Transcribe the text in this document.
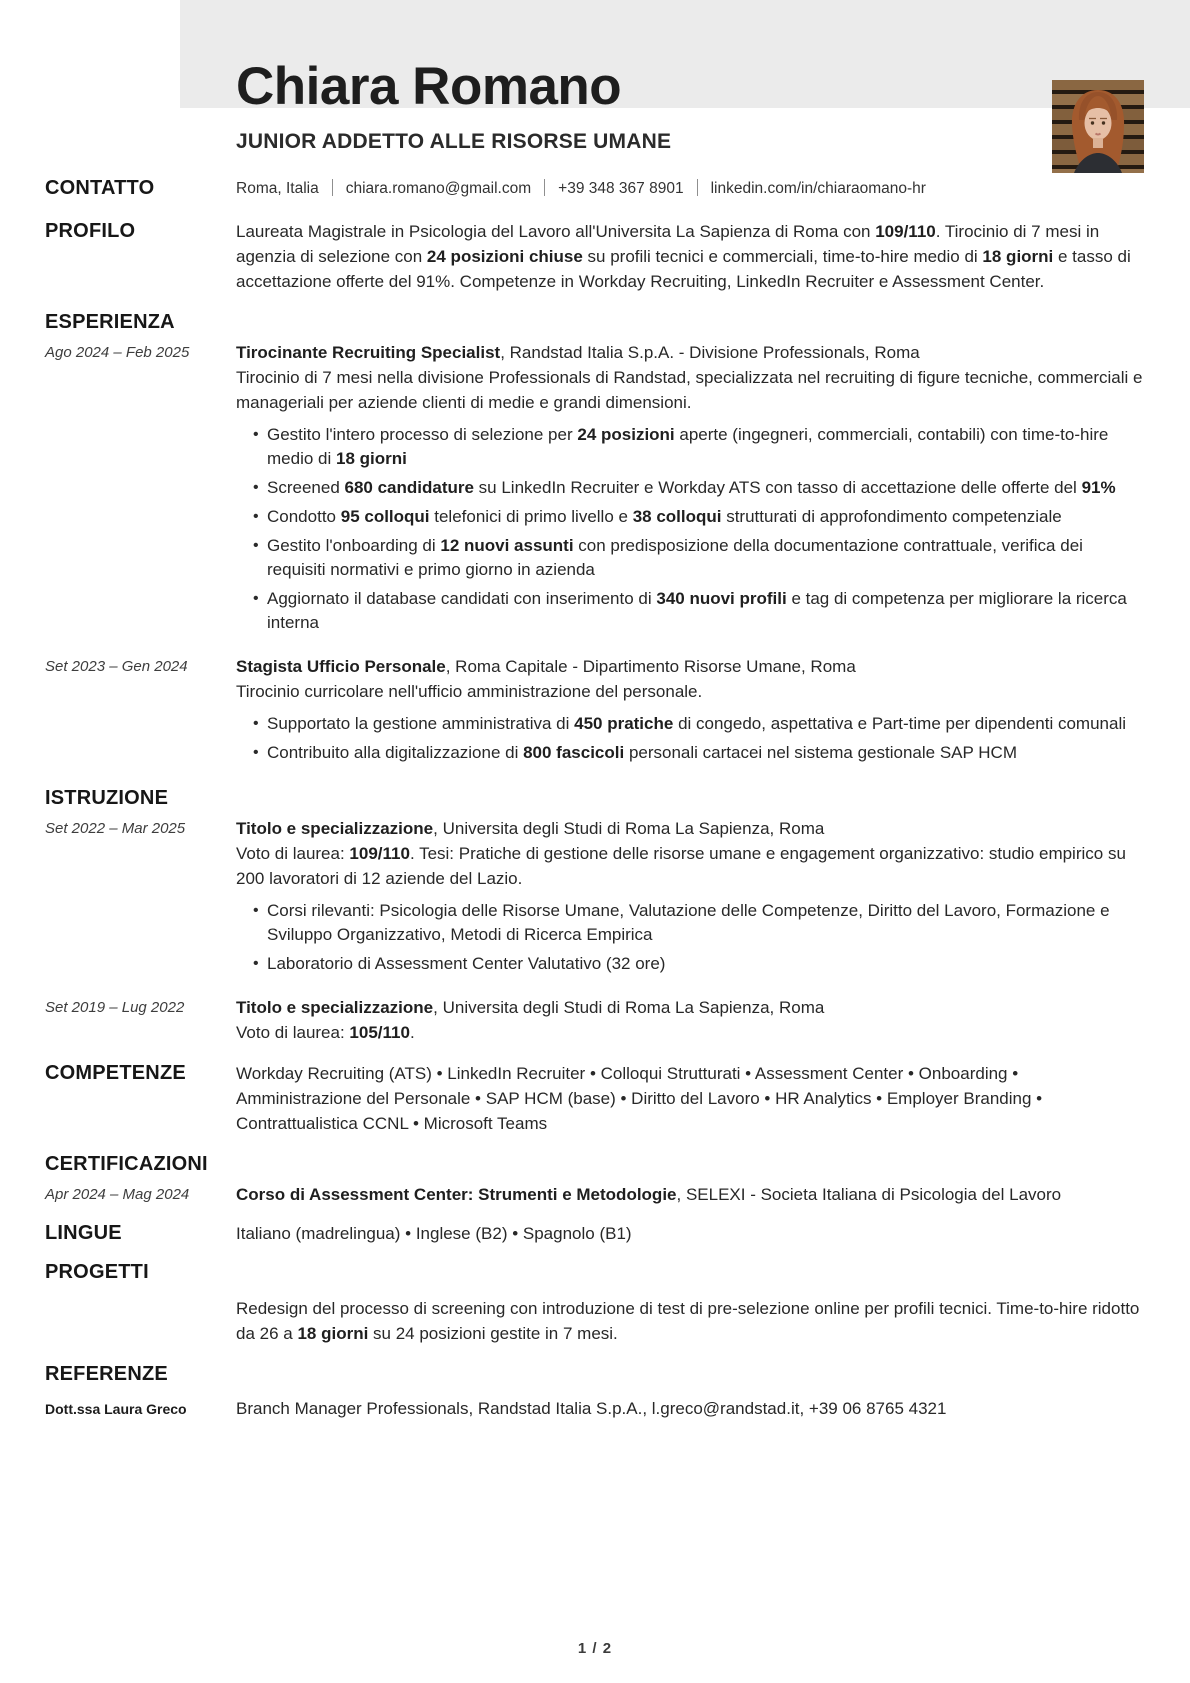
Chiara Romano
JUNIOR ADDETTO ALLE RISORSE UMANE
CONTATTO	Roma, Italia chiara.romano@gmail.com +39 348 367 8901 linkedin.com/in/chiaraomano-hr
PROFILO	Laureata Magistrale in Psicologia del Lavoro all'Universita La Sapienza di Roma con 109/110. Tirocinio di 7 mesi in agenzia di selezione con 24 posizioni chiuse su profili tecnici e commerciali, time-to-hire medio di 18 giorni e tasso di accettazione offerte del 91%. Competenze in Workday Recruiting, LinkedIn Recruiter e Assessment Center.
ESPERIENZA
Ago 2024 – Feb 2025	Tirocinante Recruiting Specialist, Randstad Italia S.p.A. - Divisione Professionals, Roma
Tirocinio di 7 mesi nella divisione Professionals di Randstad, specializzata nel recruiting di figure tecniche, commerciali e manageriali per aziende clienti di medie e grandi dimensioni.
• Gestito l'intero processo di selezione per 24 posizioni aperte (ingegneri, commerciali, contabili) con time-to-hire medio di 18 giorni
• Screened 680 candidature su LinkedIn Recruiter e Workday ATS con tasso di accettazione delle offerte del 91%
• Condotto 95 colloqui telefonici di primo livello e 38 colloqui strutturati di approfondimento competenziale
• Gestito l'onboarding di 12 nuovi assunti con predisposizione della documentazione contrattuale, verifica dei requisiti normativi e primo giorno in azienda
• Aggiornato il database candidati con inserimento di 340 nuovi profili e tag di competenza per migliorare la ricerca interna
Set 2023 – Gen 2024	Stagista Ufficio Personale, Roma Capitale - Dipartimento Risorse Umane, Roma
Tirocinio curricolare nell'ufficio amministrazione del personale.
• Supportato la gestione amministrativa di 450 pratiche di congedo, aspettativa e Part-time per dipendenti comunali
• Contribuito alla digitalizzazione di 800 fascicoli personali cartacei nel sistema gestionale SAP HCM
ISTRUZIONE
Set 2022 – Mar 2025	Titolo e specializzazione, Universita degli Studi di Roma La Sapienza, Roma
Voto di laurea: 109/110. Tesi: Pratiche di gestione delle risorse umane e engagement organizzativo: studio empirico su 200 lavoratori di 12 aziende del Lazio.
• Corsi rilevanti: Psicologia delle Risorse Umane, Valutazione delle Competenze, Diritto del Lavoro, Formazione e Sviluppo Organizzativo, Metodi di Ricerca Empirica
• Laboratorio di Assessment Center Valutativo (32 ore)
Set 2019 – Lug 2022	Titolo e specializzazione, Universita degli Studi di Roma La Sapienza, Roma
Voto di laurea: 105/110.
COMPETENZE	Workday Recruiting (ATS) • LinkedIn Recruiter • Colloqui Strutturati • Assessment Center • Onboarding • Amministrazione del Personale • SAP HCM (base) • Diritto del Lavoro • HR Analytics • Employer Branding • Contrattualistica CCNL • Microsoft Teams
CERTIFICAZIONI
Apr 2024 – Mag 2024	Corso di Assessment Center: Strumenti e Metodologie, SELEXI - Societa Italiana di Psicologia del Lavoro
LINGUE	Italiano (madrelingua) • Inglese (B2) • Spagnolo (B1)
PROGETTI
Redesign del processo di screening con introduzione di test di pre-selezione online per profili tecnici. Time-to-hire ridotto da 26 a 18 giorni su 24 posizioni gestite in 7 mesi.
REFERENZE
Dott.ssa Laura Greco	Branch Manager Professionals, Randstad Italia S.p.A., l.greco@randstad.it, +39 06 8765 4321
1 / 2
